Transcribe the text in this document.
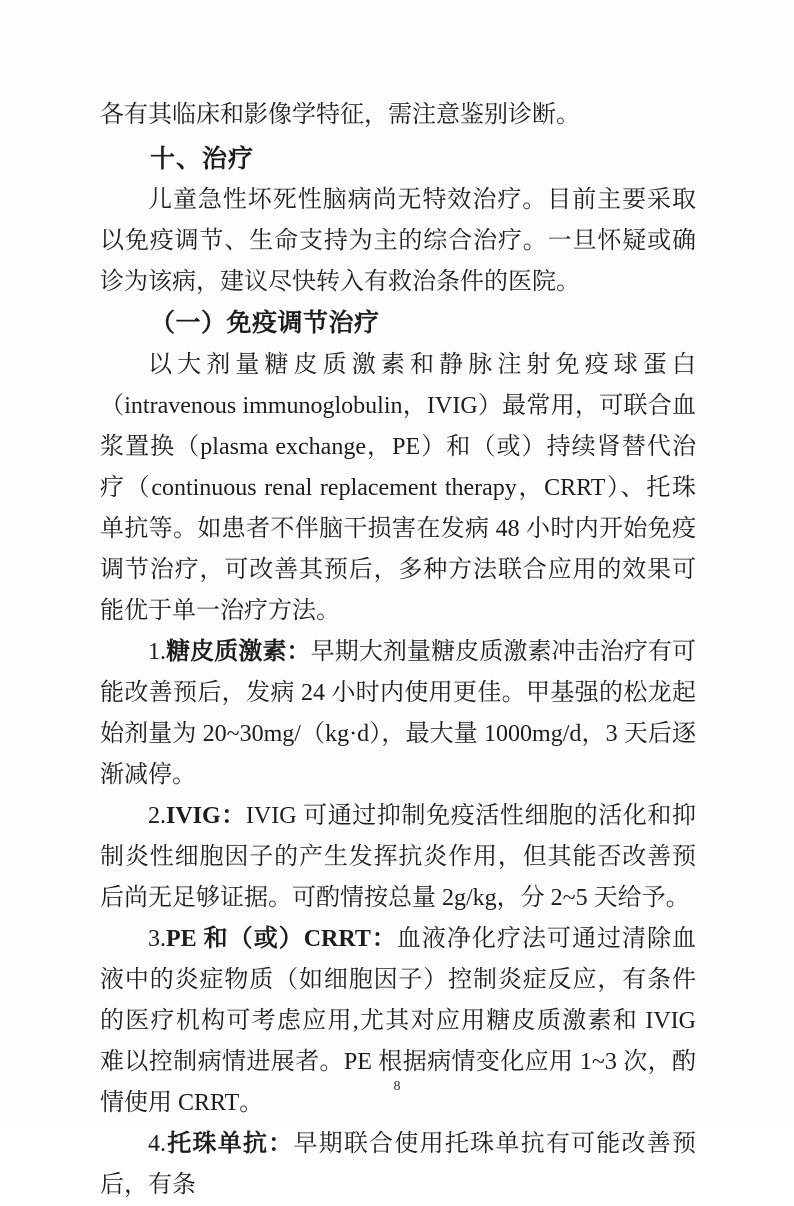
各有其临床和影像学特征，需注意鉴别诊断。

十、治疗

儿童急性坏死性脑病尚无特效治疗。目前主要采取以免疫调节、生命支持为主的综合治疗。一旦怀疑或确诊为该病，建议尽快转入有救治条件的医院。

（一）免疫调节治疗

以大剂量糖皮质激素和静脉注射免疫球蛋白（intravenous immunoglobulin，IVIG）最常用，可联合血浆置换（plasma exchange，PE）和（或）持续肾替代治疗（continuous renal replacement therapy，CRRT）、托珠单抗等。如患者不伴脑干损害在发病 48 小时内开始免疫调节治疗，可改善其预后，多种方法联合应用的效果可能优于单一治疗方法。

1.糖皮质激素：早期大剂量糖皮质激素冲击治疗有可能改善预后，发病 24 小时内使用更佳。甲基强的松龙起始剂量为 20~30mg/（kg·d），最大量 1000mg/d，3 天后逐渐减停。

2.IVIG：IVIG 可通过抑制免疫活性细胞的活化和抑制炎性细胞因子的产生发挥抗炎作用，但其能否改善预后尚无足够证据。可酌情按总量 2g/kg，分 2~5 天给予。

3.PE 和（或）CRRT：血液净化疗法可通过清除血液中的炎症物质（如细胞因子）控制炎症反应，有条件的医疗机构可考虑应用,尤其对应用糖皮质激素和 IVIG 难以控制病情进展者。PE 根据病情变化应用 1~3 次，酌情使用 CRRT。

4.托珠单抗：早期联合使用托珠单抗有可能改善预后，有条

8
